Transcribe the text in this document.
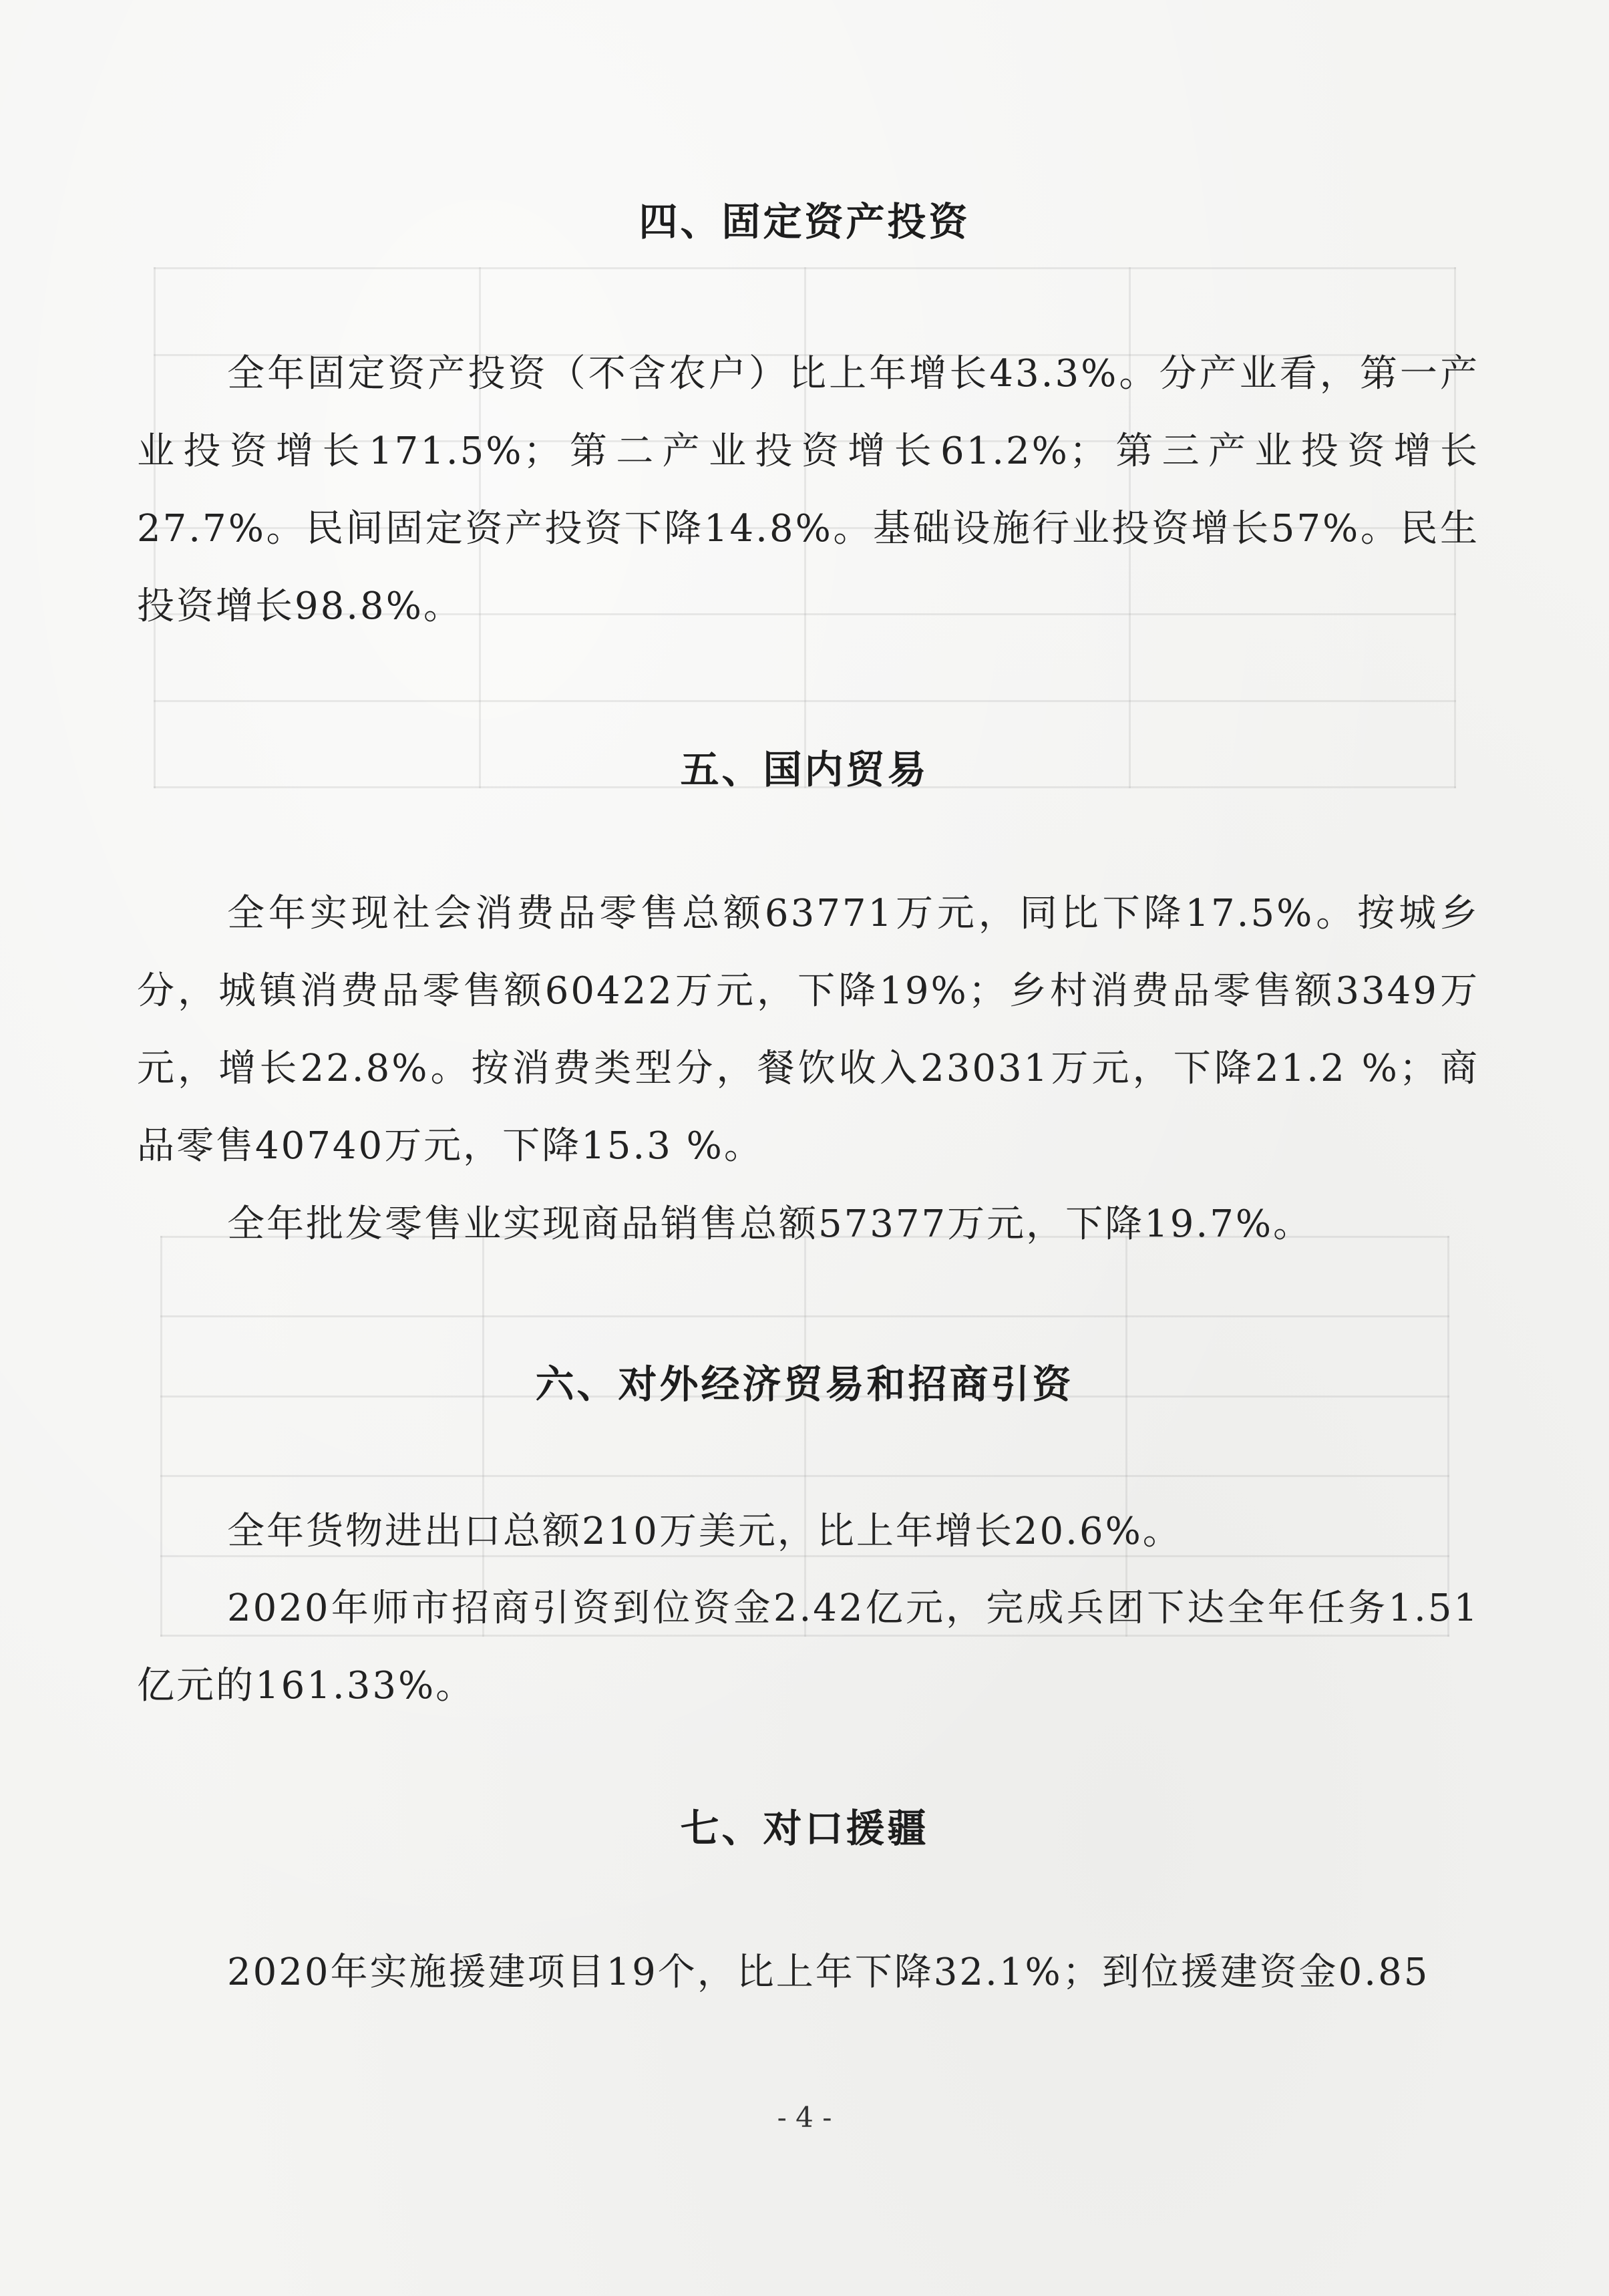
四、固定资产投资

全年固定资产投资（不含农户）比上年增长43.3%。分产业看，第一产业投资增长171.5%；第二产业投资增长61.2%；第三产业投资增长27.7%。民间固定资产投资下降14.8%。基础设施行业投资增长57%。民生投资增长98.8%。

五、国内贸易

全年实现社会消费品零售总额63771万元，同比下降17.5%。按城乡分，城镇消费品零售额60422万元，下降19%；乡村消费品零售额3349万元，增长22.8%。按消费类型分，餐饮收入23031万元，下降21.2 %；商品零售40740万元，下降15.3 %。

全年批发零售业实现商品销售总额57377万元，下降19.7%。

六、对外经济贸易和招商引资

全年货物进出口总额210万美元，比上年增长20.6%。

2020年师市招商引资到位资金2.42亿元，完成兵团下达全年任务1.51亿元的161.33%。

七、对口援疆

2020年实施援建项目19个，比上年下降32.1%；到位援建资金0.85

- 4 -
